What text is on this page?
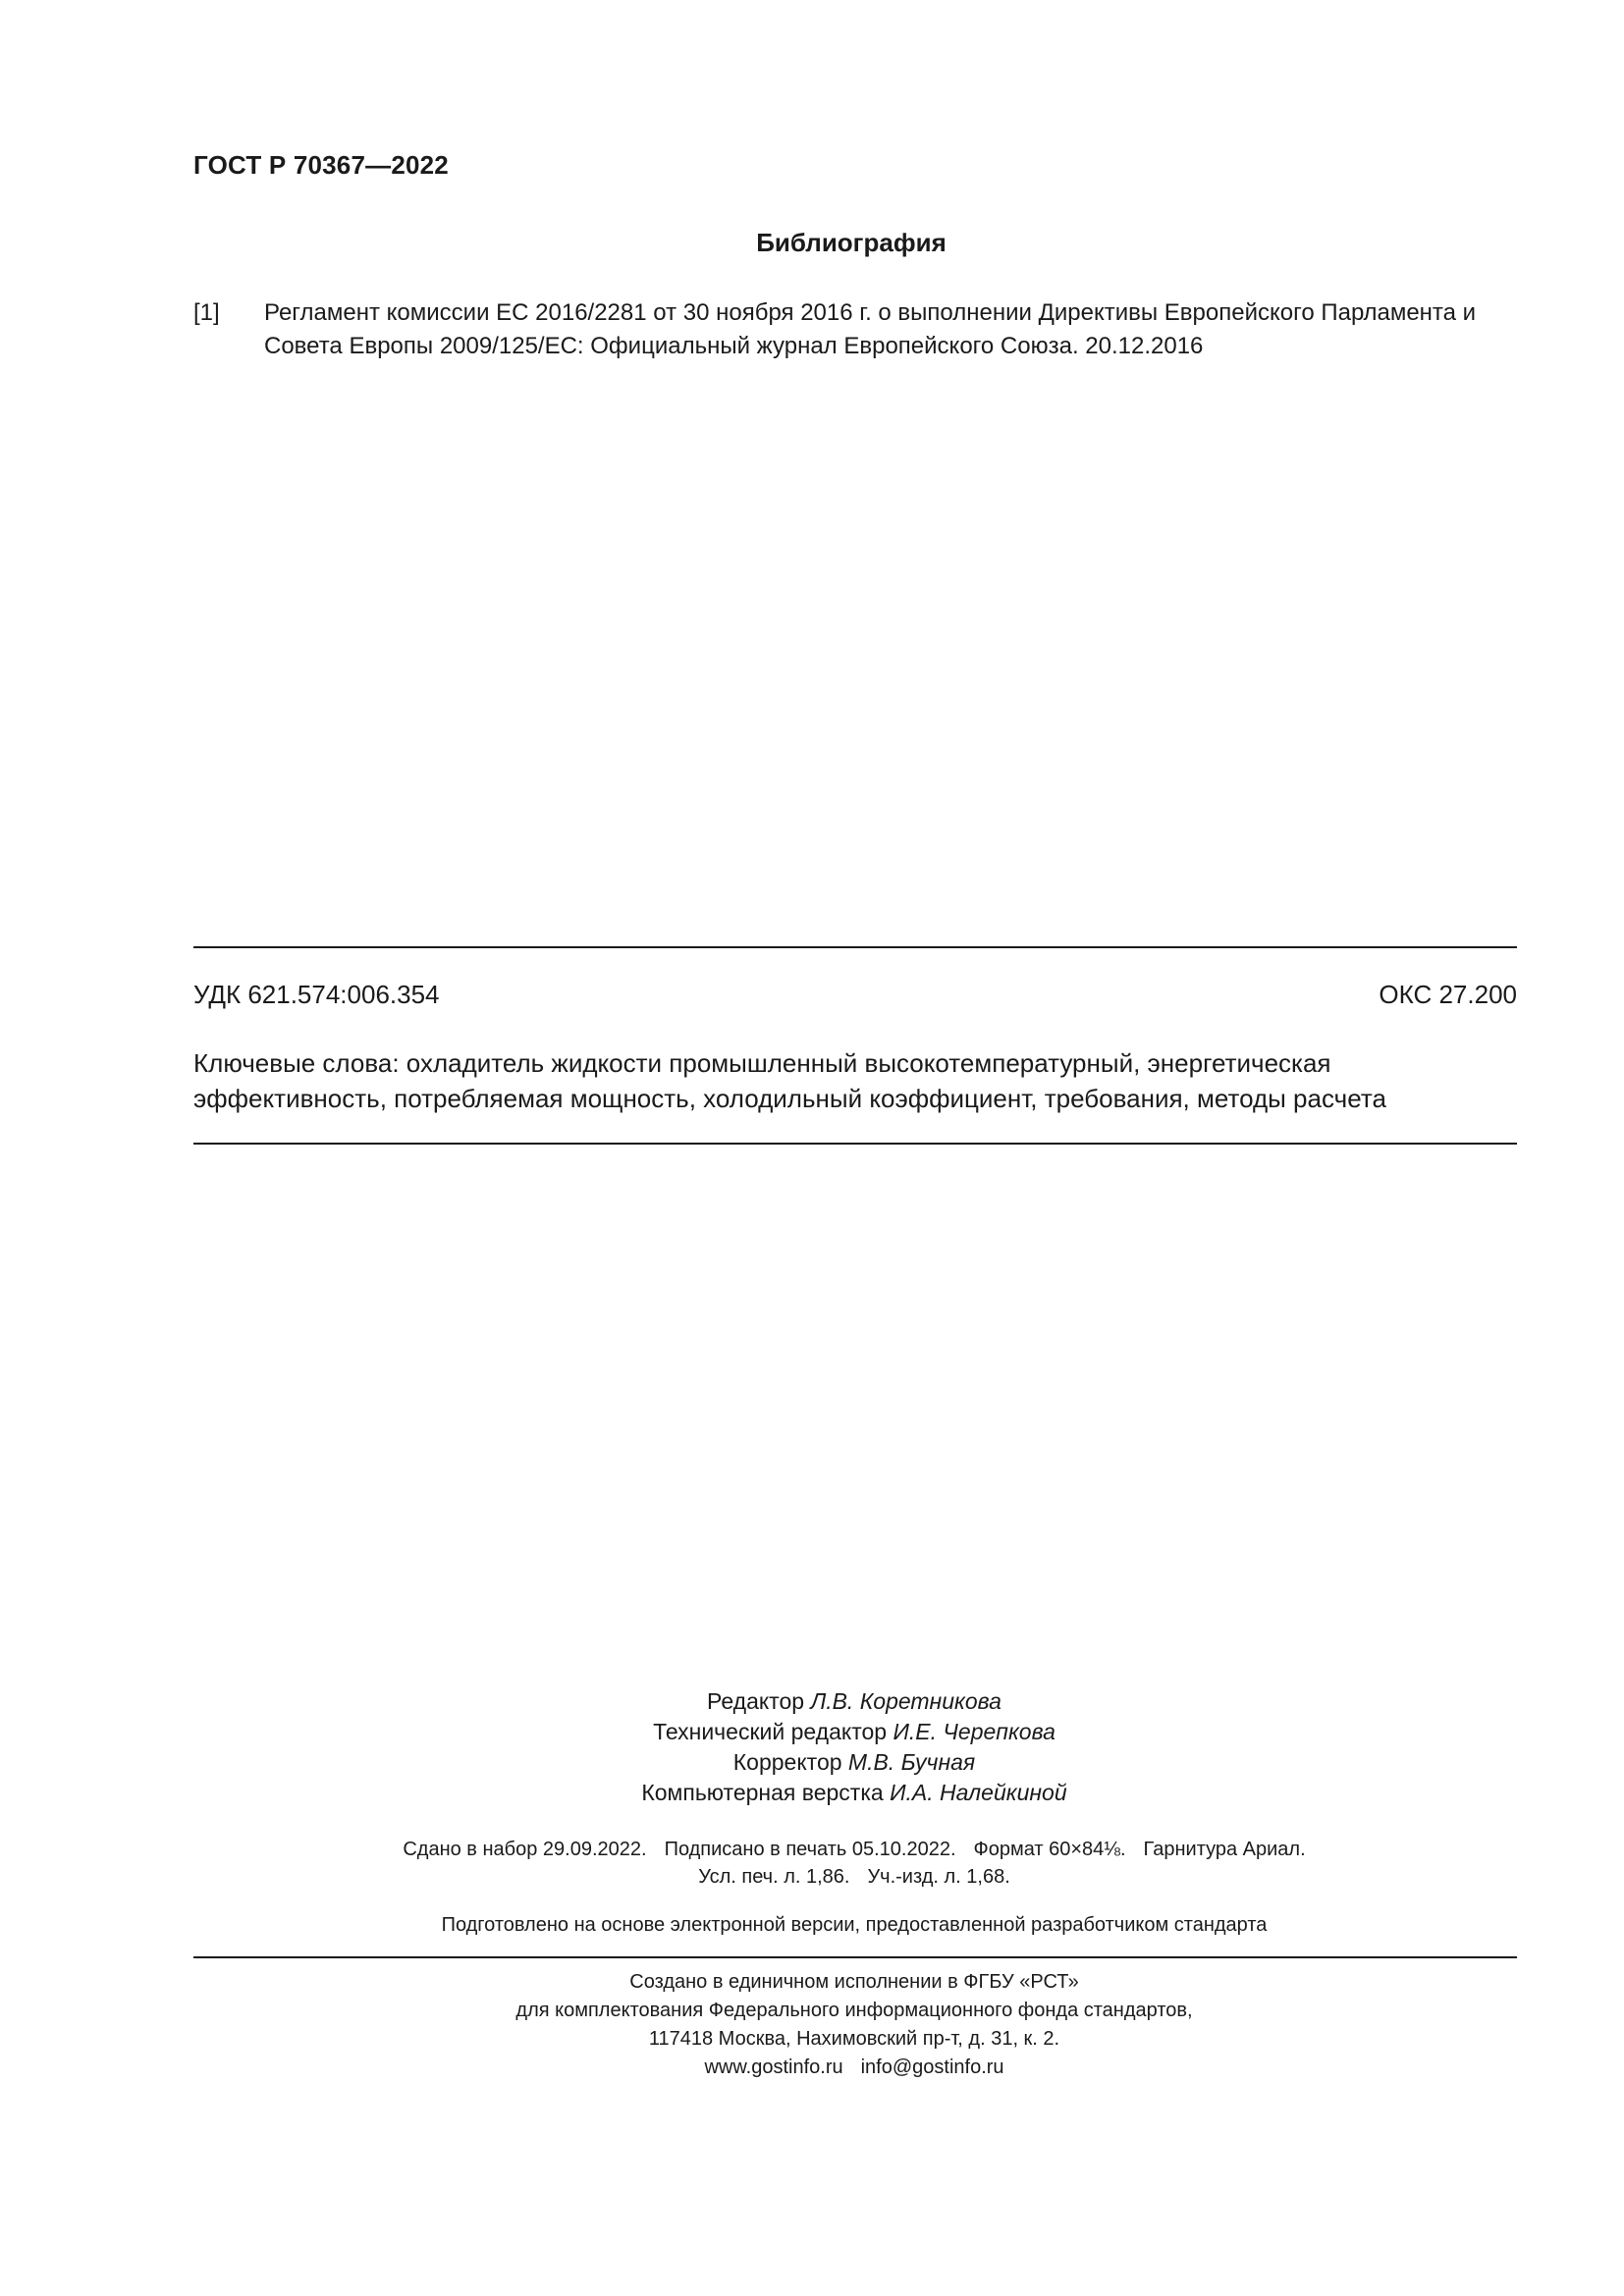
ГОСТ Р 70367—2022
Библиография
[1] Регламент комиссии ЕС 2016/2281 от 30 ноября 2016 г. о выполнении Директивы Европейского Парламента и Совета Европы 2009/125/ЕС: Официальный журнал Европейского Союза. 20.12.2016
УДК 621.574:006.354	ОКС 27.200
Ключевые слова: охладитель жидкости промышленный высокотемпературный, энергетическая эффективность, потребляемая мощность, холодильный коэффициент, требования, методы расчета
Редактор Л.В. Коретникова
Технический редактор И.Е. Черепкова
Корректор М.В. Бучная
Компьютерная верстка И.А. Налейкиной
Сдано в набор 29.09.2022. Подписано в печать 05.10.2022. Формат 60×84⅛. Гарнитура Ариал.
Усл. печ. л. 1,86. Уч.-изд. л. 1,68.
Подготовлено на основе электронной версии, предоставленной разработчиком стандарта
Создано в единичном исполнении в ФГБУ «РСТ»
для комплектования Федерального информационного фонда стандартов,
117418 Москва, Нахимовский пр-т, д. 31, к. 2.
www.gostinfo.ru info@gostinfo.ru
